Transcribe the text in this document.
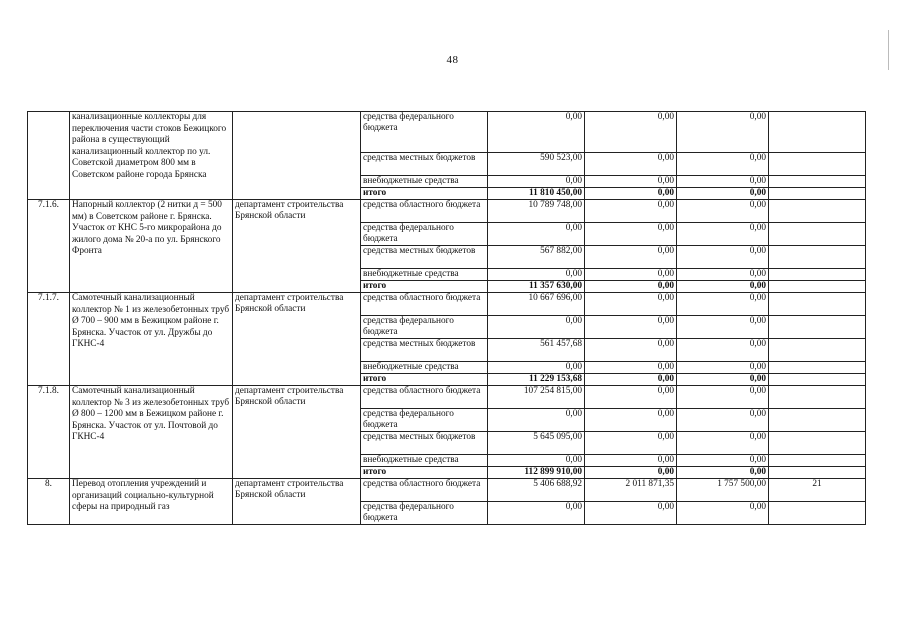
48
	канализационные коллекторы для переключения части стоков Бежицкого района в существующий канализационный коллектор по ул. Советской диаметром 800 мм в Советском районе города Брянска		средства федерального бюджета	0,00	0,00	0,00	
			средства местных бюджетов	590 523,00	0,00	0,00	
			внебюджетные средства	0,00	0,00	0,00	
			итого	11 810 450,00	0,00	0,00	
7.1.6.	Напорный коллектор (2 нитки д = 500 мм) в Советском районе г. Брянска. Участок от КНС 5-го микрорайона до жилого дома № 20-а по ул. Брянского Фронта	департамент строительства Брянской области	средства областного бюджета	10 789 748,00	0,00	0,00	
			средства федерального бюджета	0,00	0,00	0,00	
			средства местных бюджетов	567 882,00	0,00	0,00	
			внебюджетные средства	0,00	0,00	0,00	
			итого	11 357 630,00	0,00	0,00	
7.1.7.	Самотечный канализационный коллектор № 1 из железобетонных труб Ø 700 – 900 мм в Бежицком районе г. Брянска. Участок от ул. Дружбы до ГКНС-4	департамент строительства Брянской области	средства областного бюджета	10 667 696,00	0,00	0,00	
			средства федерального бюджета	0,00	0,00	0,00	
			средства местных бюджетов	561 457,68	0,00	0,00	
			внебюджетные средства	0,00	0,00	0,00	
			итого	11 229 153,68	0,00	0,00	
7.1.8.	Самотечный канализационный коллектор № 3 из железобетонных труб Ø 800 – 1200 мм в Бежицком районе г. Брянска. Участок от ул. Почтовой до ГКНС-4	департамент строительства Брянской области	средства областного бюджета	107 254 815,00	0,00	0,00	
			средства федерального бюджета	0,00	0,00	0,00	
			средства местных бюджетов	5 645 095,00	0,00	0,00	
			внебюджетные средства	0,00	0,00	0,00	
			итого	112 899 910,00	0,00	0,00	
8.	Перевод отопления учреждений и организаций социально-культурной сферы на природный газ	департамент строительства Брянской области	средства областного бюджета	5 406 688,92	2 011 871,35	1 757 500,00	21
			средства федерального бюджета	0,00	0,00	0,00	
